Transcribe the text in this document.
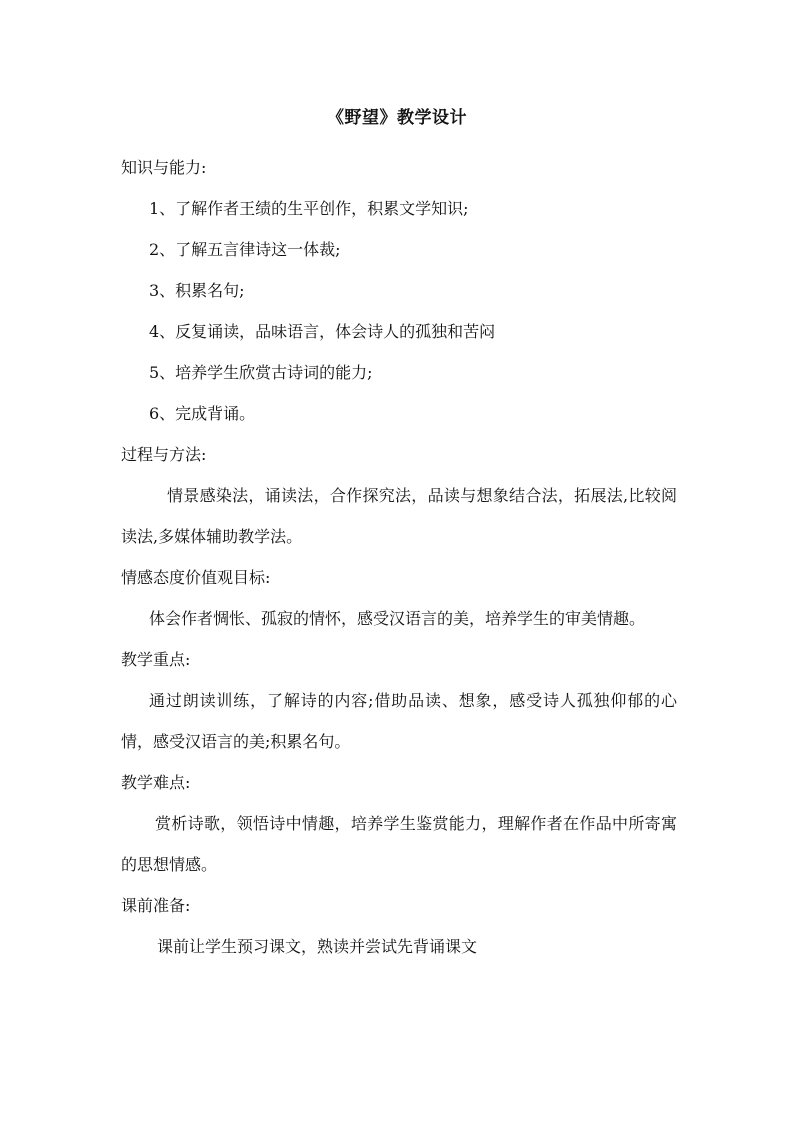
《野望》教学设计
知识与能力:
1、了解作者王绩的生平创作，积累文学知识;
2、了解五言律诗这一体裁;
3、积累名句;
4、反复诵读，品味语言，体会诗人的孤独和苦闷
5、培养学生欣赏古诗词的能力;
6、完成背诵。
过程与方法:
情景感染法，诵读法，合作探究法，品读与想象结合法，拓展法,比较阅读法,多媒体辅助教学法。
情感态度价值观目标:
体会作者惆怅、孤寂的情怀，感受汉语言的美，培养学生的审美情趣。
教学重点:
通过朗读训练，了解诗的内容;借助品读、想象，感受诗人孤独仰郁的心情，感受汉语言的美;积累名句。
教学难点:
赏析诗歌，领悟诗中情趣，培养学生鉴赏能力，理解作者在作品中所寄寓的思想情感。
课前准备:
课前让学生预习课文，熟读并尝试先背诵课文
